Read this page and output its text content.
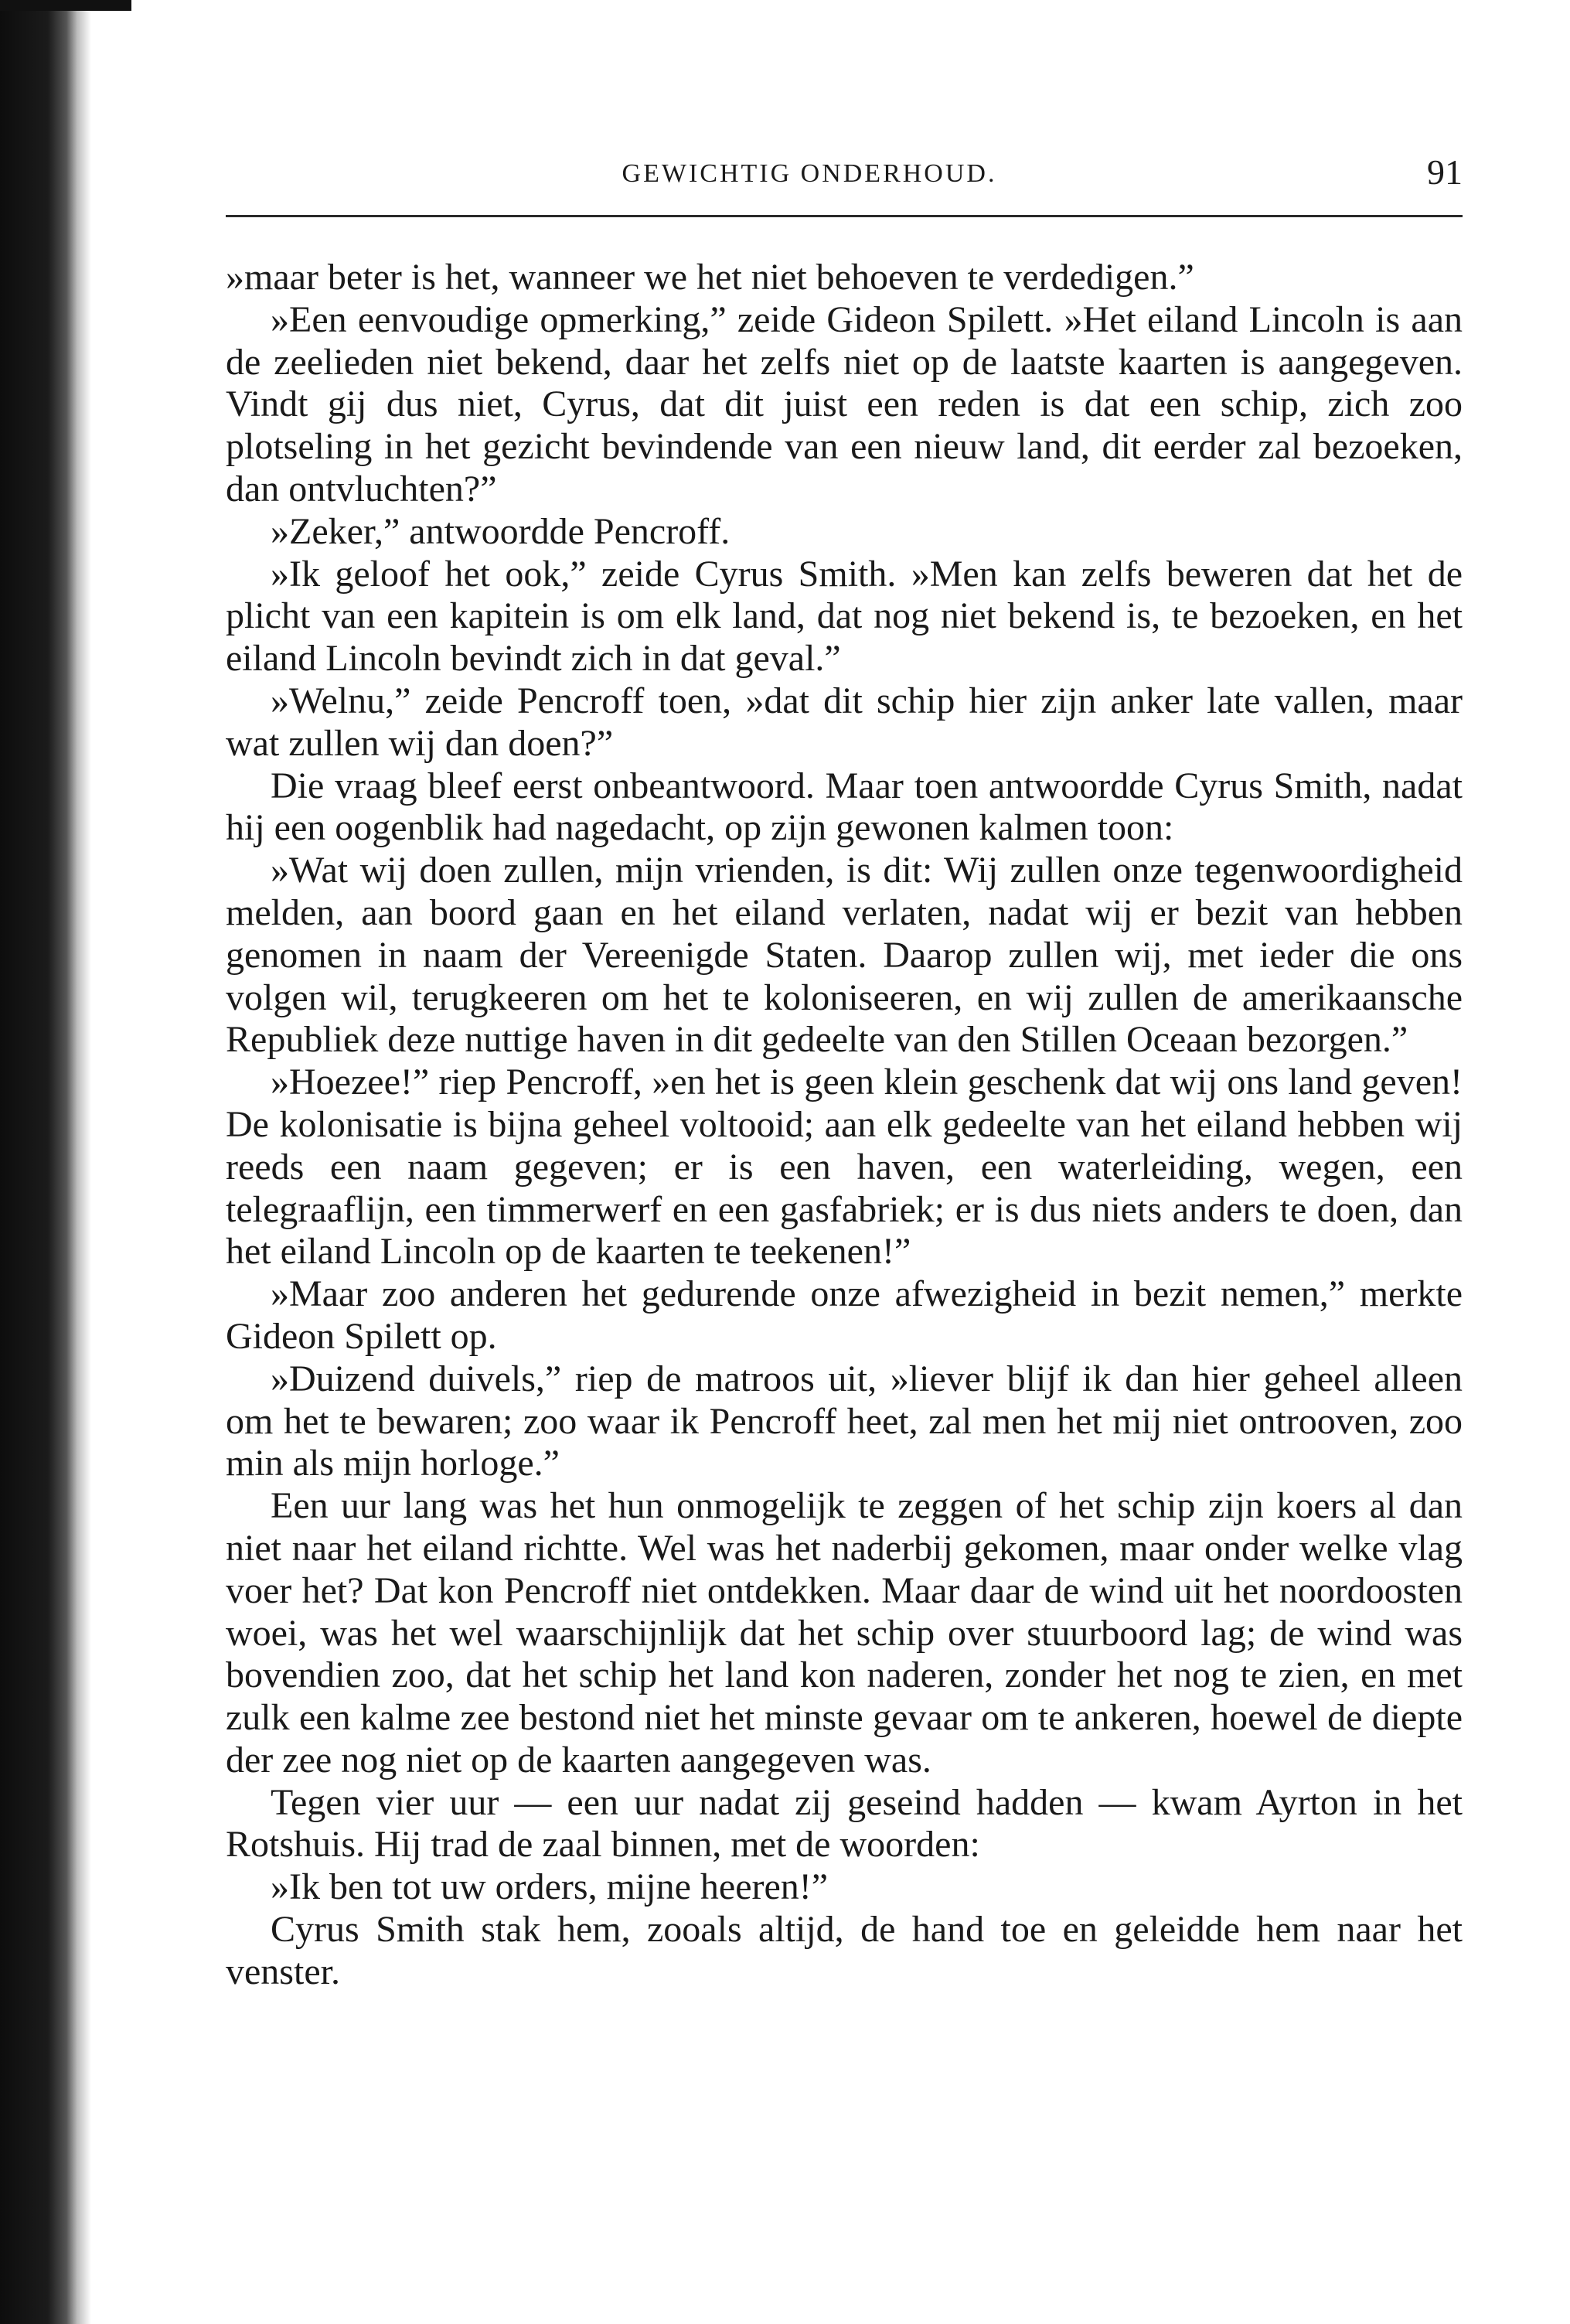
GEWICHTIG ONDERHOUD.	91

»maar beter is het, wanneer we het niet behoeven te verdedigen.”

»Een eenvoudige opmerking,” zeide Gideon Spilett. »Het eiland Lincoln is aan de zeelieden niet bekend, daar het zelfs niet op de laatste kaarten is aangegeven. Vindt gij dus niet, Cyrus, dat dit juist een reden is dat een schip, zich zoo plotseling in het gezicht bevindende van een nieuw land, dit eerder zal bezoeken, dan ontvluchten?”

»Zeker,” antwoordde Pencroff.

»Ik geloof het ook,” zeide Cyrus Smith. »Men kan zelfs beweren dat het de plicht van een kapitein is om elk land, dat nog niet bekend is, te bezoeken, en het eiland Lincoln bevindt zich in dat geval.”

»Welnu,” zeide Pencroff toen, »dat dit schip hier zijn anker late vallen, maar wat zullen wij dan doen?”

Die vraag bleef eerst onbeantwoord. Maar toen antwoordde Cyrus Smith, nadat hij een oogenblik had nagedacht, op zijn gewonen kalmen toon:

»Wat wij doen zullen, mijn vrienden, is dit: Wij zullen onze tegenwoordigheid melden, aan boord gaan en het eiland verlaten, nadat wij er bezit van hebben genomen in naam der Vereenigde Staten. Daarop zullen wij, met ieder die ons volgen wil, terugkeeren om het te koloniseeren, en wij zullen de amerikaansche Republiek deze nuttige haven in dit gedeelte van den Stillen Oceaan bezorgen.”

»Hoezee!” riep Pencroff, »en het is geen klein geschenk dat wij ons land geven! De kolonisatie is bijna geheel voltooid; aan elk gedeelte van het eiland hebben wij reeds een naam gegeven; er is een haven, een waterleiding, wegen, een telegraaflijn, een timmerwerf en een gasfabriek; er is dus niets anders te doen, dan het eiland Lincoln op de kaarten te teekenen!”

»Maar zoo anderen het gedurende onze afwezigheid in bezit nemen,” merkte Gideon Spilett op.

»Duizend duivels,” riep de matroos uit, »liever blijf ik dan hier geheel alleen om het te bewaren; zoo waar ik Pencroff heet, zal men het mij niet ontrooven, zoo min als mijn horloge.”

Een uur lang was het hun onmogelijk te zeggen of het schip zijn koers al dan niet naar het eiland richtte. Wel was het naderbij gekomen, maar onder welke vlag voer het? Dat kon Pencroff niet ontdekken. Maar daar de wind uit het noordoosten woei, was het wel waarschijnlijk dat het schip over stuurboord lag; de wind was bovendien zoo, dat het schip het land kon naderen, zonder het nog te zien, en met zulk een kalme zee bestond niet het minste gevaar om te ankeren, hoewel de diepte der zee nog niet op de kaarten aangegeven was.

Tegen vier uur — een uur nadat zij geseind hadden — kwam Ayrton in het Rotshuis. Hij trad de zaal binnen, met de woorden:

»Ik ben tot uw orders, mijne heeren!”

Cyrus Smith stak hem, zooals altijd, de hand toe en geleidde hem naar het venster.
